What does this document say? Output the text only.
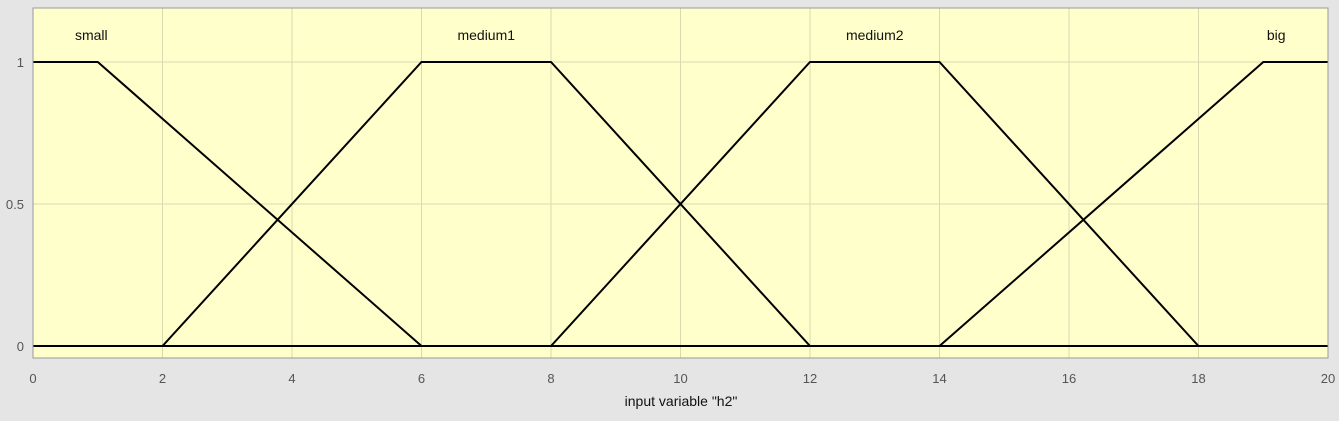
0	2	4	6	8	10	12	14	16	18	20
0
0.5
1
small	medium1	medium2	big
input variable "h2"
